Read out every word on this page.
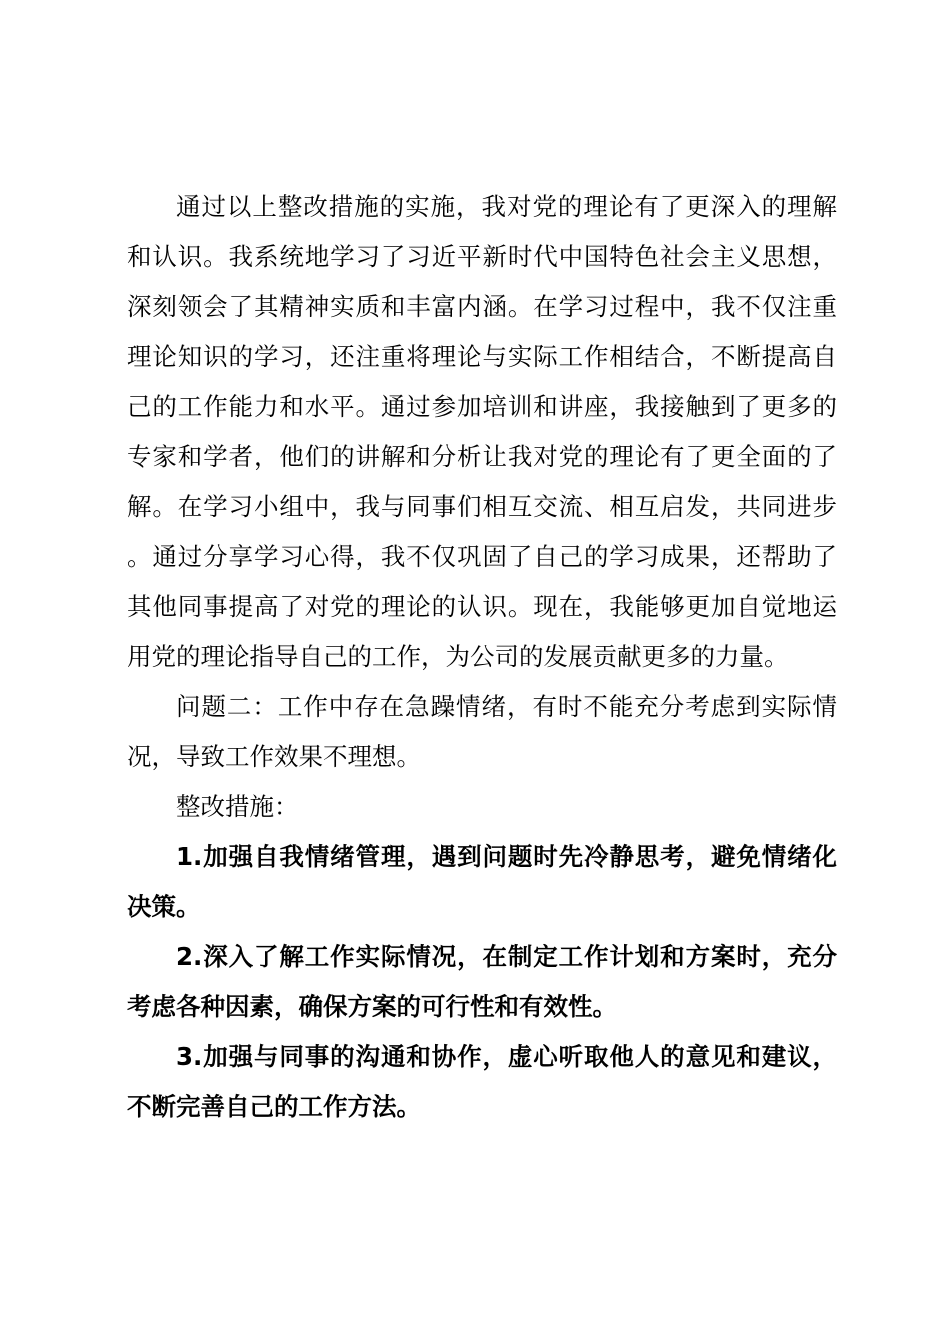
通过以上整改措施的实施，我对党的理论有了更深入的理解和认识。我系统地学习了习近平新时代中国特色社会主义思想，深刻领会了其精神实质和丰富内涵。在学习过程中，我不仅注重理论知识的学习，还注重将理论与实际工作相结合，不断提高自己的工作能力和水平。通过参加培训和讲座，我接触到了更多的专家和学者，他们的讲解和分析让我对党的理论有了更全面的了解。在学习小组中，我与同事们相互交流、相互启发，共同进步。通过分享学习心得，我不仅巩固了自己的学习成果，还帮助了其他同事提高了对党的理论的认识。现在，我能够更加自觉地运用党的理论指导自己的工作，为公司的发展贡献更多的力量。

问题二：工作中存在急躁情绪，有时不能充分考虑到实际情况，导致工作效果不理想。

整改措施：

1.加强自我情绪管理，遇到问题时先冷静思考，避免情绪化决策。

2.深入了解工作实际情况，在制定工作计划和方案时，充分考虑各种因素，确保方案的可行性和有效性。

3.加强与同事的沟通和协作，虚心听取他人的意见和建议，不断完善自己的工作方法。
